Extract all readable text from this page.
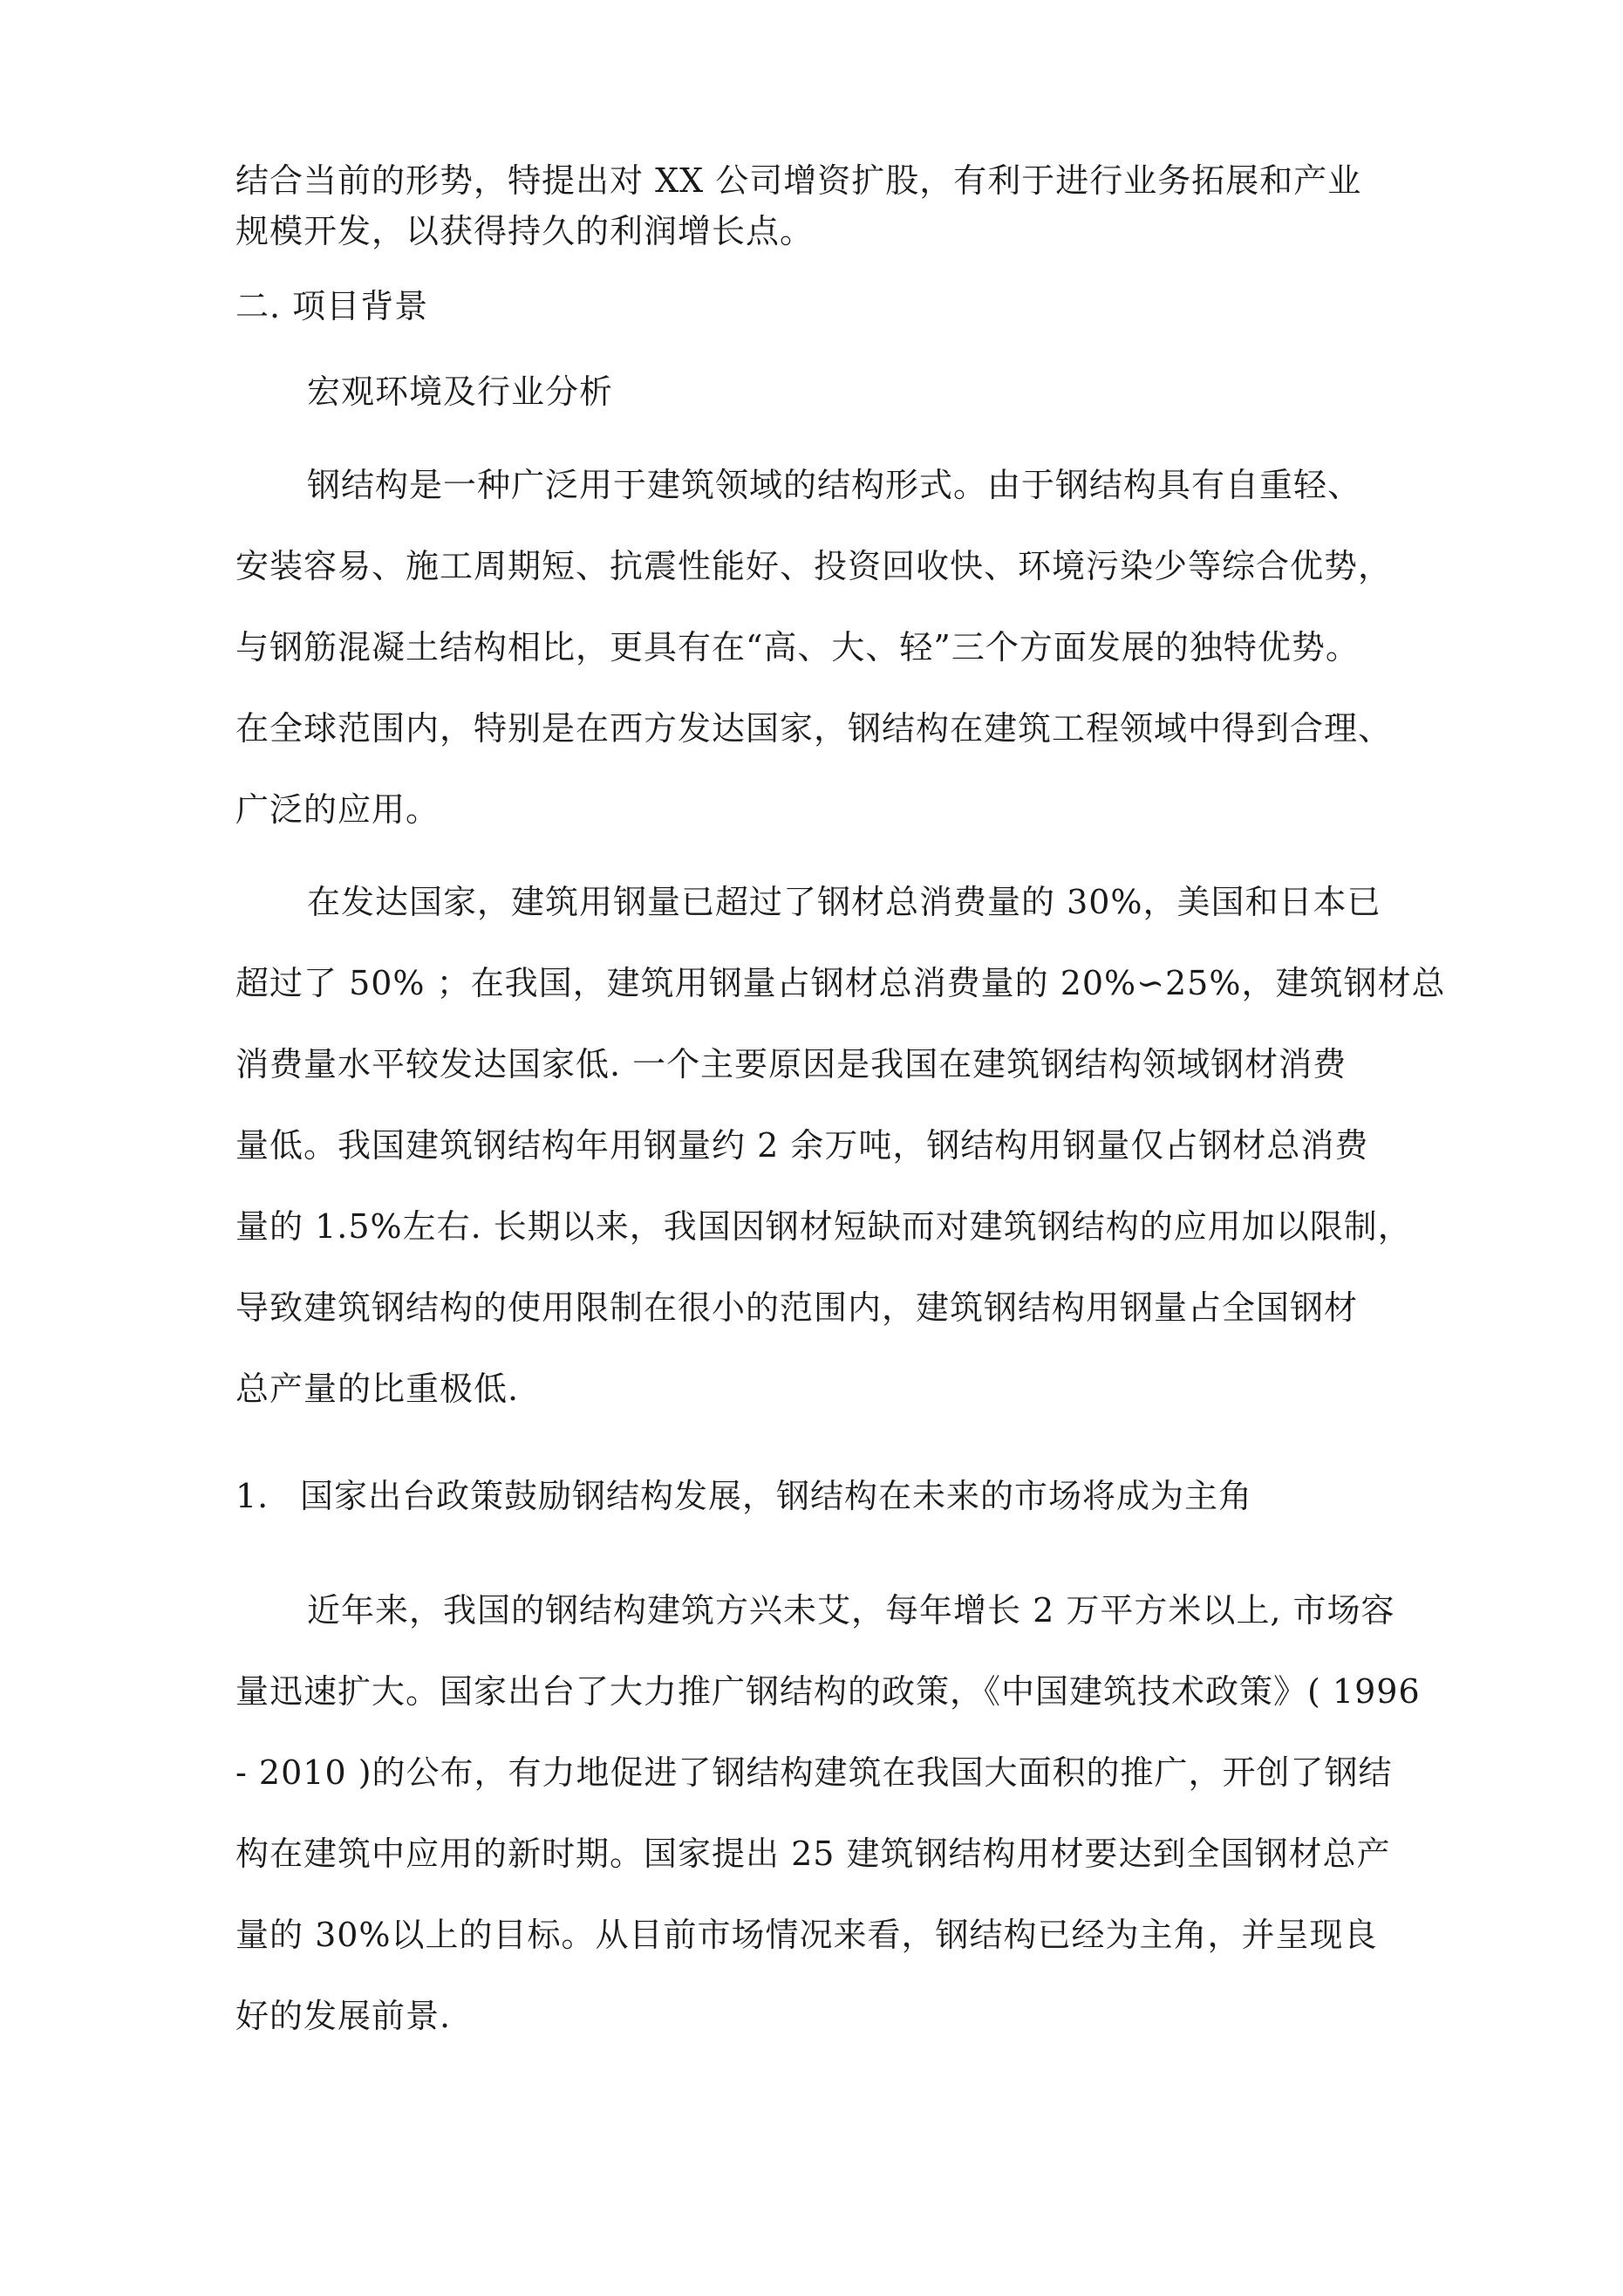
结合当前的形势，特提出对 XX 公司增资扩股，有利于进行业务拓展和产业
规模开发，以获得持久的利润增长点。
二. 项目背景
宏观环境及行业分析
钢结构是一种广泛用于建筑领域的结构形式。由于钢结构具有自重轻、
安装容易、施工周期短、抗震性能好、投资回收快、环境污染少等综合优势，
与钢筋混凝土结构相比，更具有在“高、大、轻”三个方面发展的独特优势。
在全球范围内，特别是在西方发达国家，钢结构在建筑工程领域中得到合理、
广泛的应用。
在发达国家，建筑用钢量已超过了钢材总消费量的 30%，美国和日本已
超过了 50% ；在我国，建筑用钢量占钢材总消费量的 20%∽25%，建筑钢材总
消费量水平较发达国家低. 一个主要原因是我国在建筑钢结构领域钢材消费
量低。我国建筑钢结构年用钢量约 2 余万吨，钢结构用钢量仅占钢材总消费
量的 1.5%左右. 长期以来，我国因钢材短缺而对建筑钢结构的应用加以限制，
导致建筑钢结构的使用限制在很小的范围内，建筑钢结构用钢量占全国钢材
总产量的比重极低.
1. 国家出台政策鼓励钢结构发展，钢结构在未来的市场将成为主角
近年来，我国的钢结构建筑方兴未艾，每年增长 2 万平方米以上, 市场容
量迅速扩大。国家出台了大力推广钢结构的政策，《中国建筑技术政策》( 1996
- 2010 )的公布，有力地促进了钢结构建筑在我国大面积的推广，开创了钢结
构在建筑中应用的新时期。国家提出 25 建筑钢结构用材要达到全国钢材总产
量的 30%以上的目标。从目前市场情况来看，钢结构已经为主角，并呈现良
好的发展前景.
